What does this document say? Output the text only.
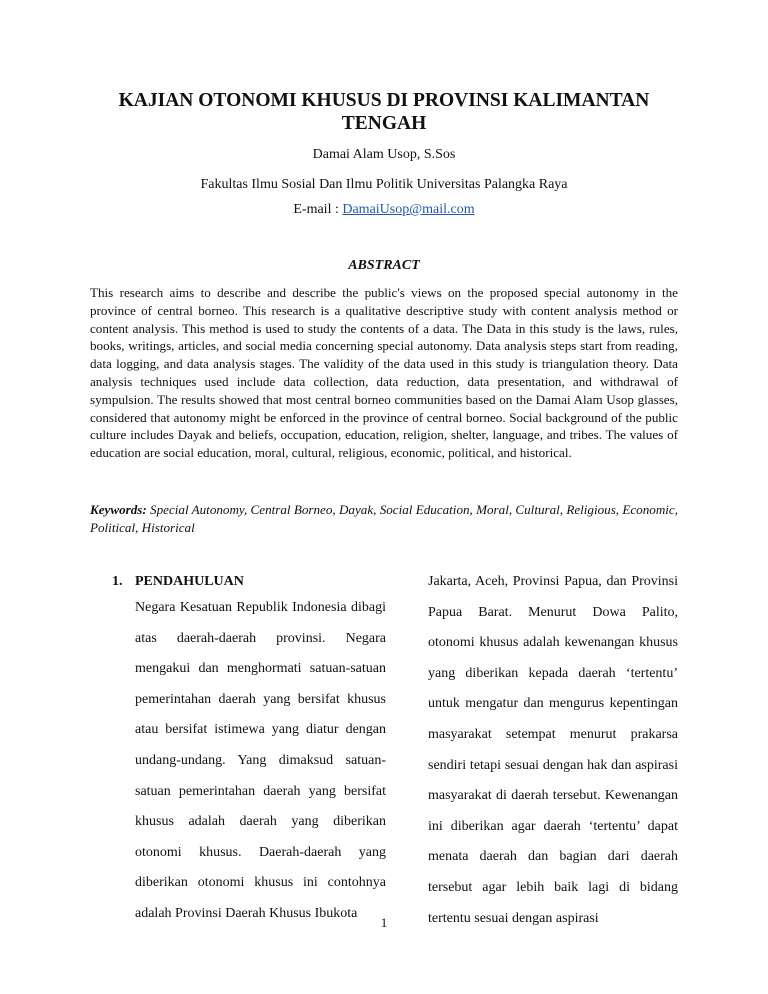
KAJIAN OTONOMI KHUSUS DI PROVINSI KALIMANTAN TENGAH
Damai Alam Usop, S.Sos
Fakultas Ilmu Sosial Dan Ilmu Politik Universitas Palangka Raya
E-mail : DamaiUsop@mail.com
ABSTRACT

This research aims to describe and describe the public's views on the proposed special autonomy in the province of central borneo. This research is a qualitative descriptive study with content analysis method or content analysis. This method is used to study the contents of a data. The Data in this study is the laws, rules, books, writings, articles, and social media concerning special autonomy. Data analysis steps start from reading, data logging, and data analysis stages. The validity of the data used in this study is triangulation theory. Data analysis techniques used include data collection, data reduction, data presentation, and withdrawal of sympulsion. The results showed that most central borneo communities based on the Damai Alam Usop glasses, considered that autonomy might be enforced in the province of central borneo. Social background of the public culture includes Dayak and beliefs, occupation, education, religion, shelter, language, and tribes. The values of education are social education, moral, cultural, religious, economic, political, and historical.

Keywords: Special Autonomy, Central Borneo, Dayak, Social Education, Moral, Cultural, Religious, Economic, Political, Historical

1. PENDAHULUAN

Negara Kesatuan Republik Indonesia dibagi atas daerah-daerah provinsi. Negara mengakui dan menghormati satuan-satuan pemerintahan daerah yang bersifat khusus atau bersifat istimewa yang diatur dengan undang-undang. Yang dimaksud satuan-satuan pemerintahan daerah yang bersifat khusus adalah daerah yang diberikan otonomi khusus. Daerah-daerah yang diberikan otonomi khusus ini contohnya adalah Provinsi Daerah Khusus Ibukota

Jakarta, Aceh, Provinsi Papua, dan Provinsi Papua Barat. Menurut Dowa Palito, otonomi khusus adalah kewenangan khusus yang diberikan kepada daerah ‘tertentu’ untuk mengatur dan mengurus kepentingan masyarakat setempat menurut prakarsa sendiri tetapi sesuai dengan hak dan aspirasi masyarakat di daerah tersebut. Kewenangan ini diberikan agar daerah ‘tertentu’ dapat menata daerah dan bagian dari daerah tersebut agar lebih baik lagi di bidang tertentu sesuai dengan aspirasi

1
